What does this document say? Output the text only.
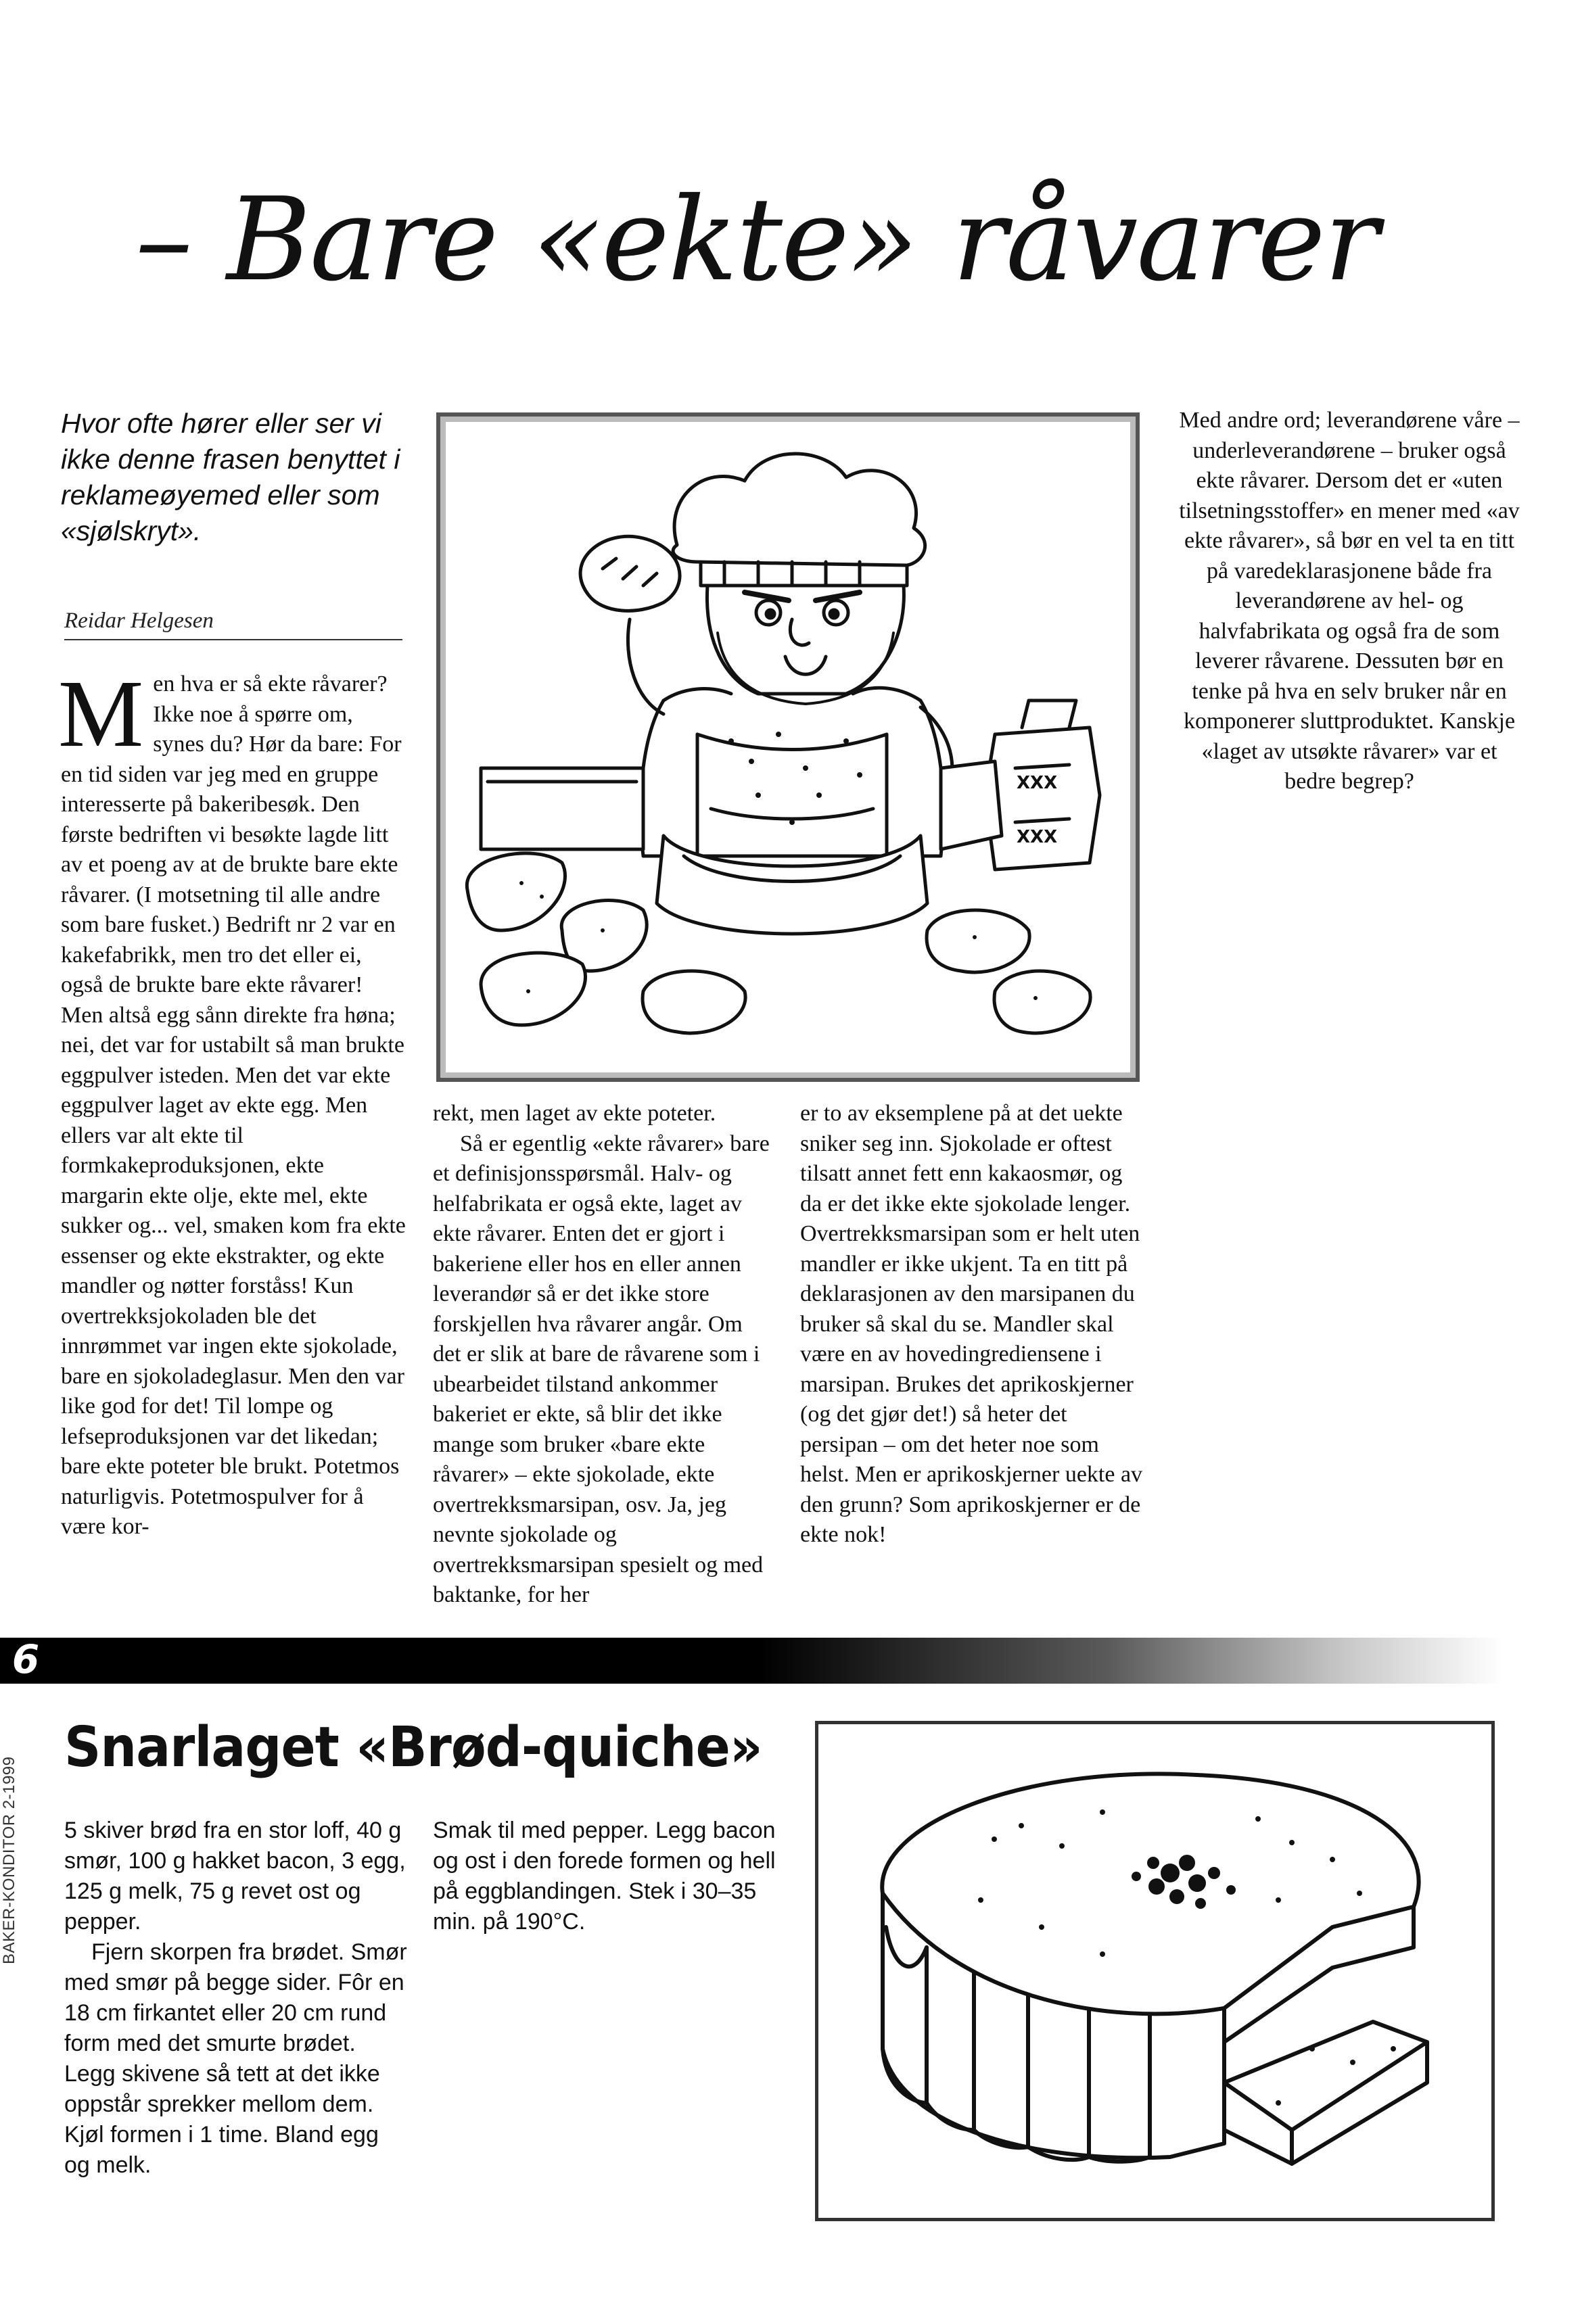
– Bare «ekte» råvarer
Hvor ofte hører eller ser vi ikke denne frasen benyttet i reklameøyemed eller som «sjølskryt».
Reidar Helgesen
Men hva er så ekte råvarer? Ikke noe å spørre om, synes du? Hør da bare: For en tid siden var jeg med en gruppe interesserte på bakeribesøk. Den første bedriften vi besøkte lagde litt av et poeng av at de brukte bare ekte råvarer. (I motsetning til alle andre som bare fusket.) Bedrift nr 2 var en kakefabrikk, men tro det eller ei, også de brukte bare ekte råvarer! Men altså egg sånn direkte fra høna; nei, det var for ustabilt så man brukte eggpulver isteden. Men det var ekte eggpulver laget av ekte egg. Men ellers var alt ekte til formkakeproduksjonen, ekte margarin ekte olje, ekte mel, ekte sukker og... vel, smaken kom fra ekte essenser og ekte ekstrakter, og ekte mandler og nøtter forståss! Kun overtrekksjokoladen ble det innrømmet var ingen ekte sjokolade, bare en sjokoladeglasur. Men den var like god for det! Til lompe og lefseproduksjonen var det likedan; bare ekte poteter ble brukt. Potetmos naturligvis. Potetmospulver for å være kor-
rekt, men laget av ekte poteter.
Så er egentlig «ekte råvarer» bare et definisjonsspørsmål. Halv- og helfabrikata er også ekte, laget av ekte råvarer. Enten det er gjort i bakeriene eller hos en eller annen leverandør så er det ikke store forskjellen hva råvarer angår. Om det er slik at bare de råvarene som i ubearbeidet tilstand ankommer bakeriet er ekte, så blir det ikke mange som bruker «bare ekte råvarer» – ekte sjokolade, ekte overtrekksmarsipan, osv. Ja, jeg nevnte sjokolade og overtrekksmarsipan spesielt og med baktanke, for her
er to av eksemplene på at det uekte sniker seg inn. Sjokolade er oftest tilsatt annet fett enn kakaosmør, og da er det ikke ekte sjokolade lenger. Overtrekksmarsipan som er helt uten mandler er ikke ukjent. Ta en titt på deklarasjonen av den marsipanen du bruker så skal du se. Mandler skal være en av hovedingrediensene i marsipan. Brukes det aprikoskjerner (og det gjør det!) så heter det persipan – om det heter noe som helst. Men er aprikoskjerner uekte av den grunn? Som aprikoskjerner er de ekte nok!
Med andre ord; leverandørene våre – underleverandørene – bruker også ekte råvarer. Dersom det er «uten tilsetningsstoffer» en mener med «av ekte råvarer», så bør en vel ta en titt på varedeklarasjonene både fra leverandørene av hel- og halvfabrikata og også fra de som leverer råvarene. Dessuten bør en tenke på hva en selv bruker når en komponerer sluttproduktet. Kanskje «laget av utsøkte råvarer» var et bedre begrep?
XXX
XXX
6
BAKER-KONDITOR 2-1999
Snarlaget «Brød-quiche»
5 skiver brød fra en stor loff, 40 g smør, 100 g hakket bacon, 3 egg, 125 g melk, 75 g revet ost og pepper.
Fjern skorpen fra brødet. Smør med smør på begge sider. Fôr en 18 cm firkantet eller 20 cm rund form med det smurte brødet. Legg skivene så tett at det ikke oppstår sprekker mellom dem. Kjøl formen i 1 time. Bland egg og melk.
Smak til med pepper. Legg bacon og ost i den forede formen og hell på eggblandingen. Stek i 30–35 min. på 190°C.
